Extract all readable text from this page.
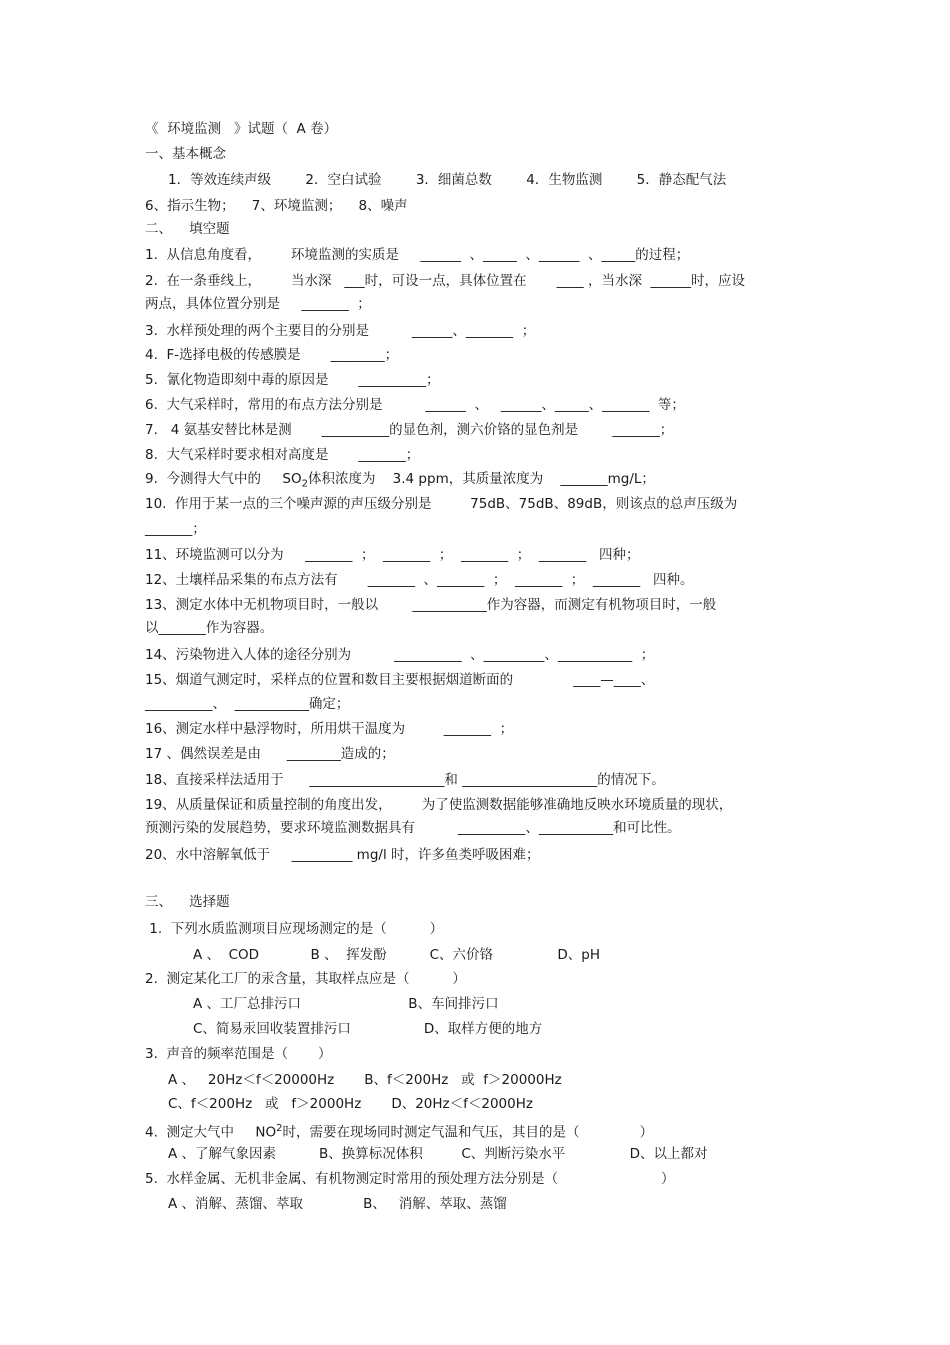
《  环境监测   》试题（  A 卷）
一、基本概念
1．等效连续声级        2．空白试验        3．细菌总数        4．生物监测        5．静态配气法
6、指示生物；    7、环境监测；    8、噪声
二、    填空题
1.  从信息角度看，       环境监测的实质是     ______  、_____  、______  、_____的过程；
2.  在一条垂线上，       当水深   ___时，可设一点，具体位置在       ____ ，当水深  ______时，应设
两点，具体位置分别是     _______  ；
3.  水样预处理的两个主要目的分别是          ______、_______  ；
4.  F-选择电极的传感膜是       ________；
5.  氰化物造即刻中毒的原因是       __________；
6.  大气采样时，常用的布点方法分别是          ______  、   ______、_____、_______  等；
7.   4 氨基安替比林是测       __________的显色剂，测六价铬的显色剂是        _______；
8.  大气采样时要求相对高度是       _______；
9.  今测得大气中的     $SO_2$体积浓度为    3.4 ppm，其质量浓度为    _______mg/L；
10.  作用于某一点的三个噪声源的声压级分别是         75dB、75dB、89dB，则该点的总声压级为
_______；
11、环境监测可以分为     _______  ；  _______  ；  _______  ；  _______   四种；
12、土壤样品采集的布点方法有       _______  、_______  ；  _______  ；  _______   四种。
13、测定水体中无机物项目时，一般以        ___________作为容器，而测定有机物项目时，一般
以_______作为容器。
14、污染物进入人体的途径分别为          __________  、_________、___________  ；
15、烟道气测定时，采样点的位置和数目主要根据烟道断面的              ____—____、
__________、  ___________确定；
16、测定水样中悬浮物时，所用烘干温度为         _______  ；
17 、偶然误差是由      ________造成的；
18、直接采样法适用于      ____________________和 ____________________的情况下。
19、从质量保证和质量控制的角度出发，       为了使监测数据能够准确地反映水环境质量的现状，
预测污染的发展趋势，要求环境监测数据具有          __________、___________和可比性。
20、水中溶解氧低于     _________ mg/l 时，许多鱼类呼吸困难；
三、    选择题
1.  下列水质监测项目应现场测定的是（          ）
A 、  COD            B 、  挥发酚          C、六价铬               D、pH
2.  测定某化工厂的汞含量，其取样点应是（          ）
A 、工厂总排污口                         B、车间排污口
C、简易汞回收装置排污口                 D、取样方便的地方
3.  声音的频率范围是（       ）
A 、   20Hz＜f＜20000Hz       B、f＜200Hz   或  f＞20000Hz
C、f＜200Hz   或   f＞2000Hz       D、20Hz＜f＜2000Hz
4.  测定大气中     $NO^2$时，需要在现场同时测定气温和气压，其目的是（              ）
A 、了解气象因素          B、换算标况体积         C、判断污染水平               D、以上都对
5.  水样金属、无机非金属、有机物测定时常用的预处理方法分别是（                        ）
A 、消解、蒸馏、萃取              B、   消解、萃取、蒸馏
